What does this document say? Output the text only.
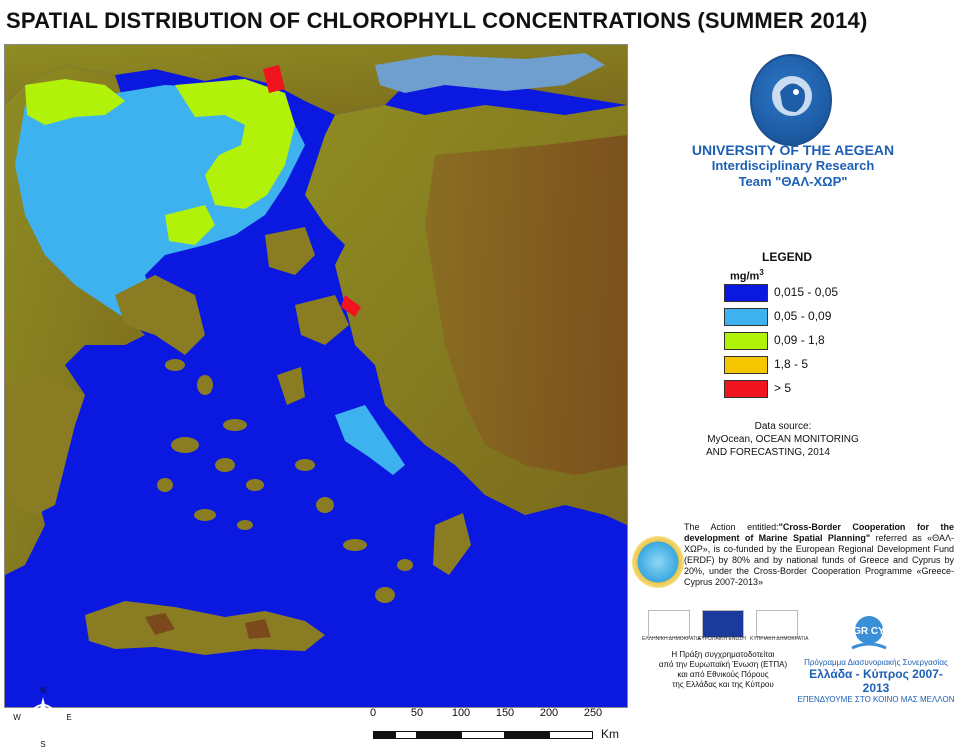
SPATIAL DISTRIBUTION OF CHLOROPHYLL CONCENTRATIONS (SUMMER 2014)
N
S
E
W	0	50	100 150 200 250
Km
UNIVERSITY OF THE AEGEAN
Interdisciplinary Research
Team "ΘΑΛ-ΧΩΡ"
LEGEND
$mg/m^3$
0,015 - 0,05
0,05 - 0,09
0,09 - 1,8
1,8 - 5
> 5
Data source:
MyOcean, OCEAN MONITORING
AND FORECASTING, 2014
The Action entitled:"Cross-Border Cooperation for the development of Marine Spatial Planning" referred as «ΘΑΛ-ΧΩΡ», is co-funded by the European Regional Development Fund (ERDF) by 80% and by national funds of Greece and Cyprus by 20%, under the Cross-Border Cooperation Programme «Greece-Cyprus 2007-2013»
ΕΛΛΗΝΙΚΗ ΔΗΜΟΚΡΑΤΙΑ
ΕΥΡΩΠΑΪΚΗ ΕΝΩΣΗ ΚΥΠΡΙΑΚΗ ΔΗΜΟΚΡΑΤΙΑ
Η Πράξη συγχρηματοδοτείται
από την Ευρωπαϊκή Ένωση (ΕΤΠΑ)
και από Εθνικούς Πόρους
της Ελλάδας και της Κύπρου
GR CY
Πρόγραμμα Διασυνοριακής Συνεργασίας
Ελλάδα - Κύπρος 2007-2013
ΕΠΕΝΔΥΟΥΜΕ ΣΤΟ ΚΟΙΝΟ ΜΑΣ ΜΕΛΛΟΝ
